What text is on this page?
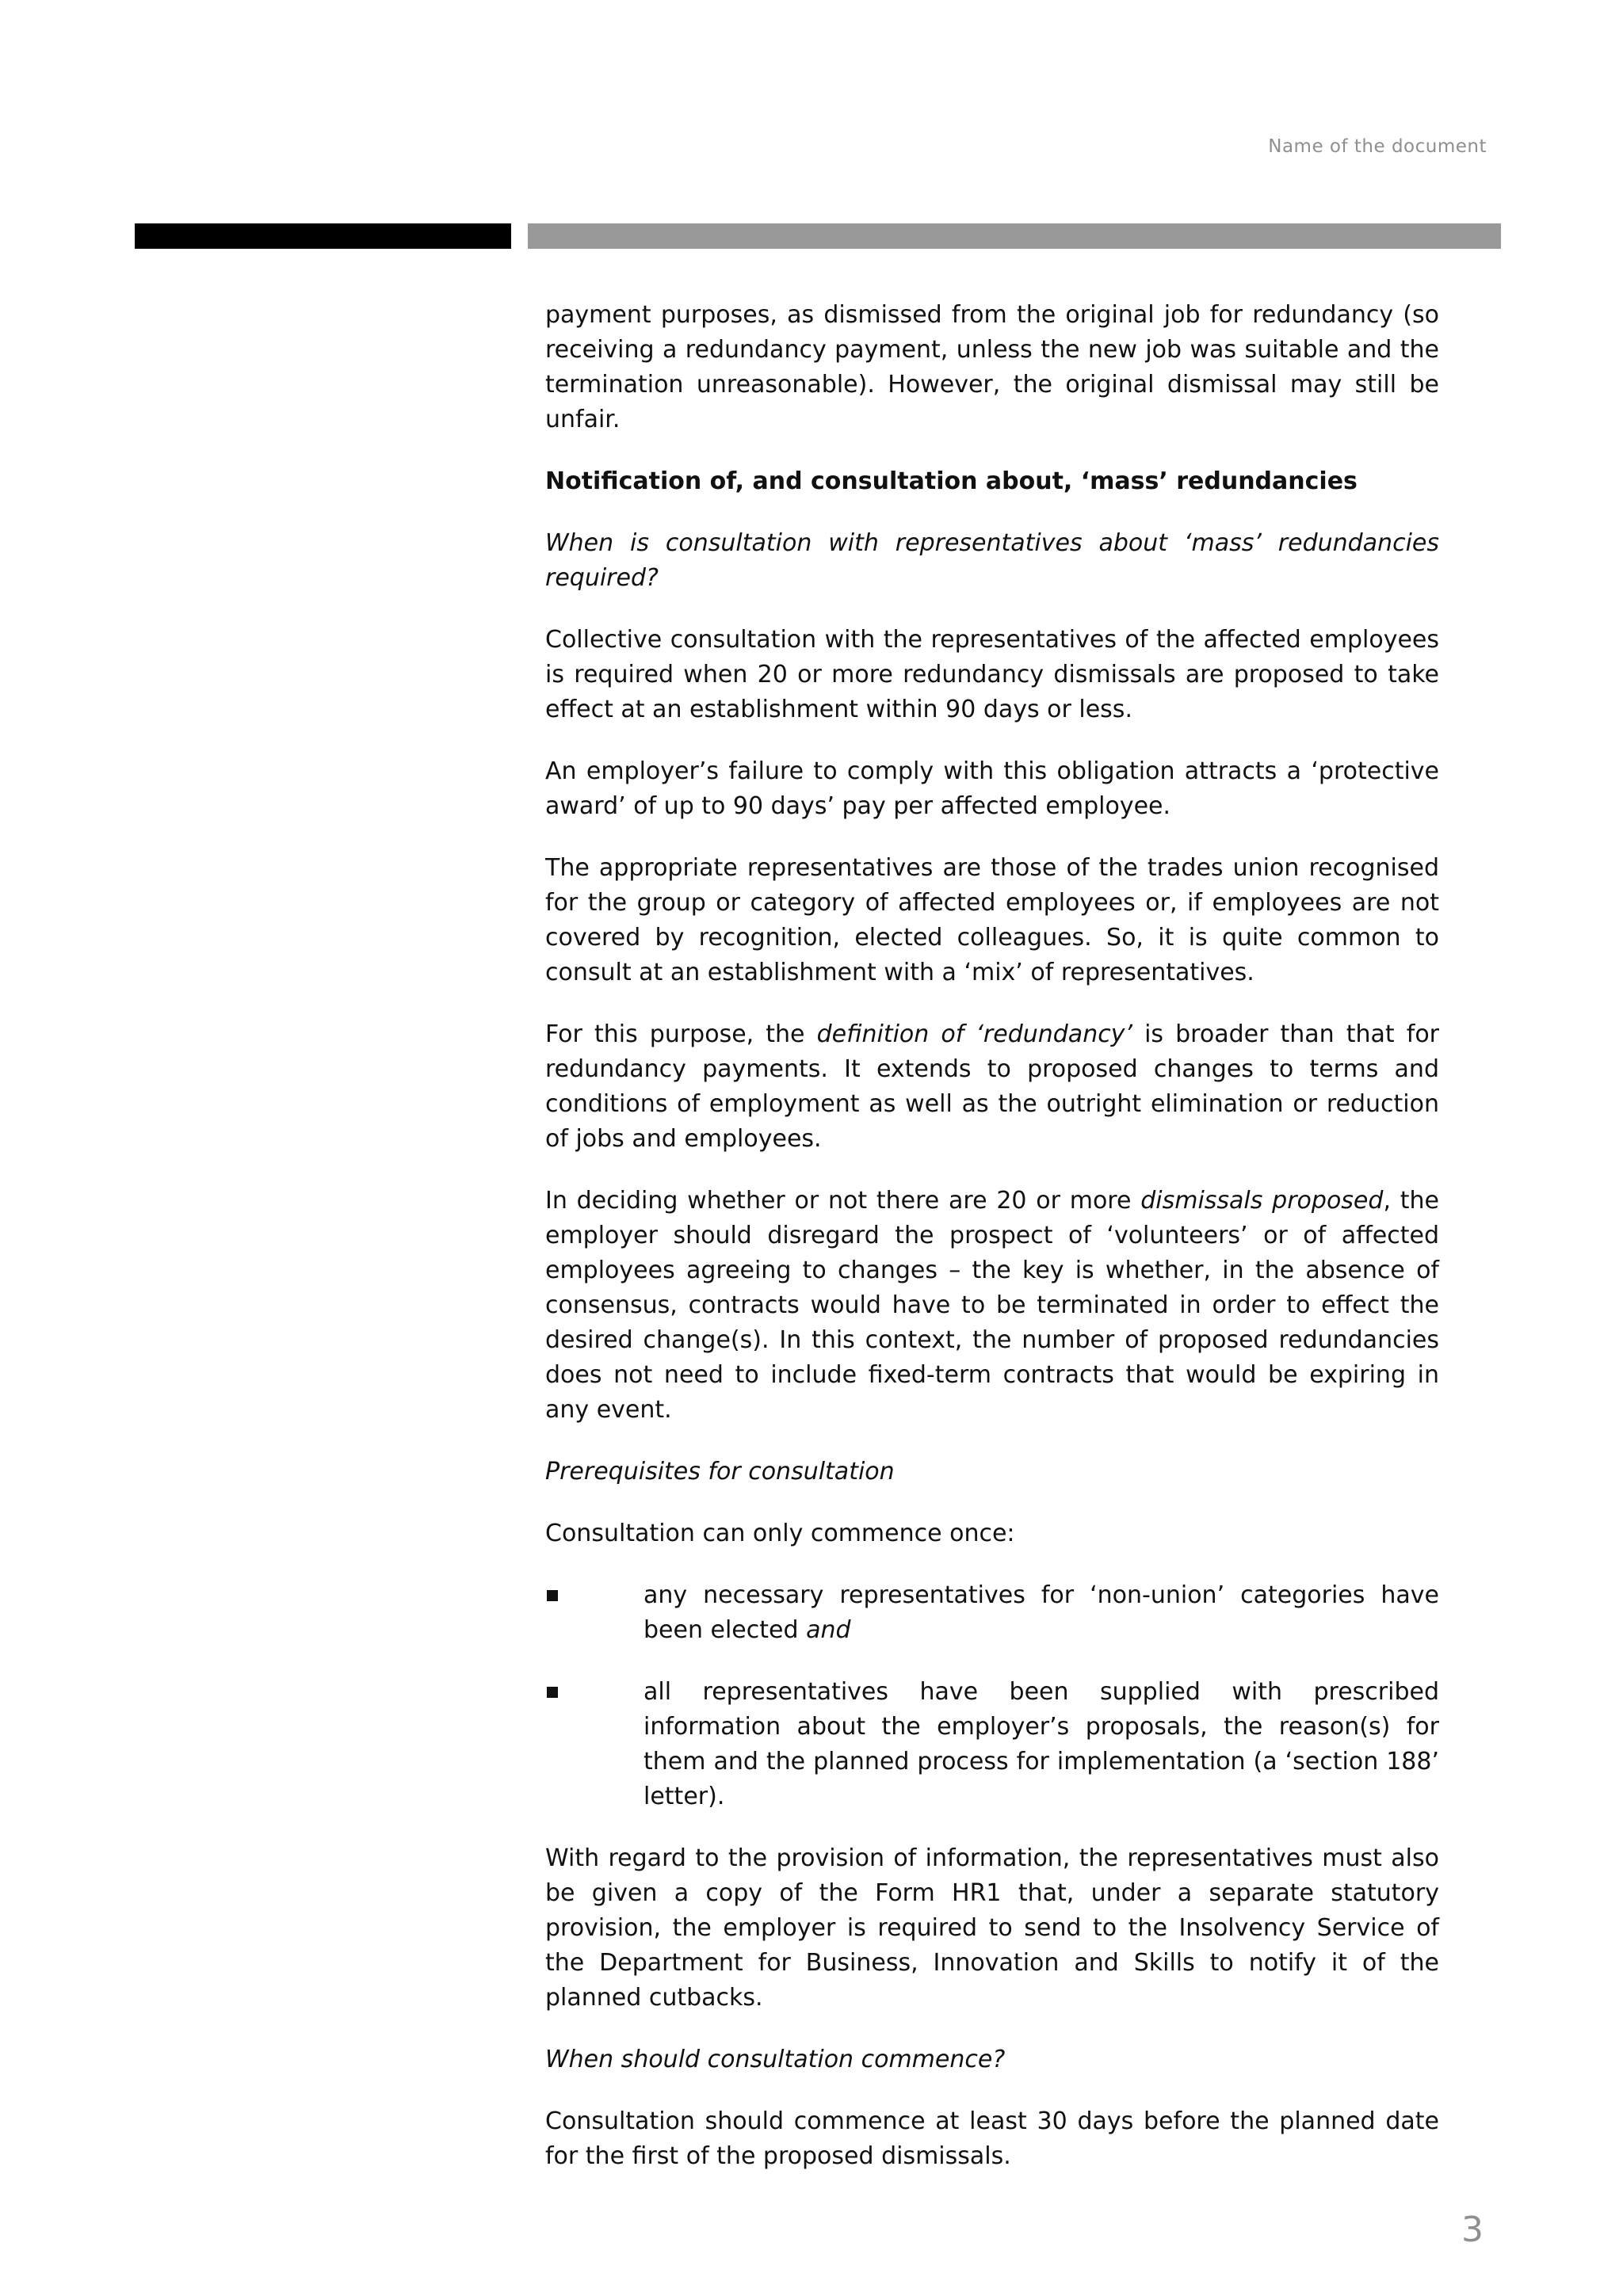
Name of the document

payment purposes, as dismissed from the original job for redundancy (so receiving a redundancy payment, unless the new job was suitable and the termination unreasonable). However, the original dismissal may still be unfair.

Notification of, and consultation about, ‘mass’ redundancies

When is consultation with representatives about ‘mass’ redundancies required?

Collective consultation with the representatives of the affected employees is required when 20 or more redundancy dismissals are proposed to take effect at an establishment within 90 days or less.

An employer’s failure to comply with this obligation attracts a ‘protective award’ of up to 90 days’ pay per affected employee.

The appropriate representatives are those of the trades union recognised for the group or category of affected employees or, if employees are not covered by recognition, elected colleagues. So, it is quite common to consult at an establishment with a ‘mix’ of representatives.

For this purpose, the definition of ‘redundancy’ is broader than that for redundancy payments. It extends to proposed changes to terms and conditions of employment as well as the outright elimination or reduction of jobs and employees.

In deciding whether or not there are 20 or more dismissals proposed, the employer should disregard the prospect of ‘volunteers’ or of affected employees agreeing to changes – the key is whether, in the absence of consensus, contracts would have to be terminated in order to effect the desired change(s). In this context, the number of proposed redundancies does not need to include fixed-term contracts that would be expiring in any event.

Prerequisites for consultation

Consultation can only commence once:

any necessary representatives for ‘non-union’ categories have been elected and
all representatives have been supplied with prescribed information about the employer’s proposals, the reason(s) for them and the planned process for implementation (a ‘section 188’ letter).

With regard to the provision of information, the representatives must also be given a copy of the Form HR1 that, under a separate statutory provision, the employer is required to send to the Insolvency Service of the Department for Business, Innovation and Skills to notify it of the planned cutbacks.

When should consultation commence?

Consultation should commence at least 30 days before the planned date for the first of the proposed dismissals.

3
